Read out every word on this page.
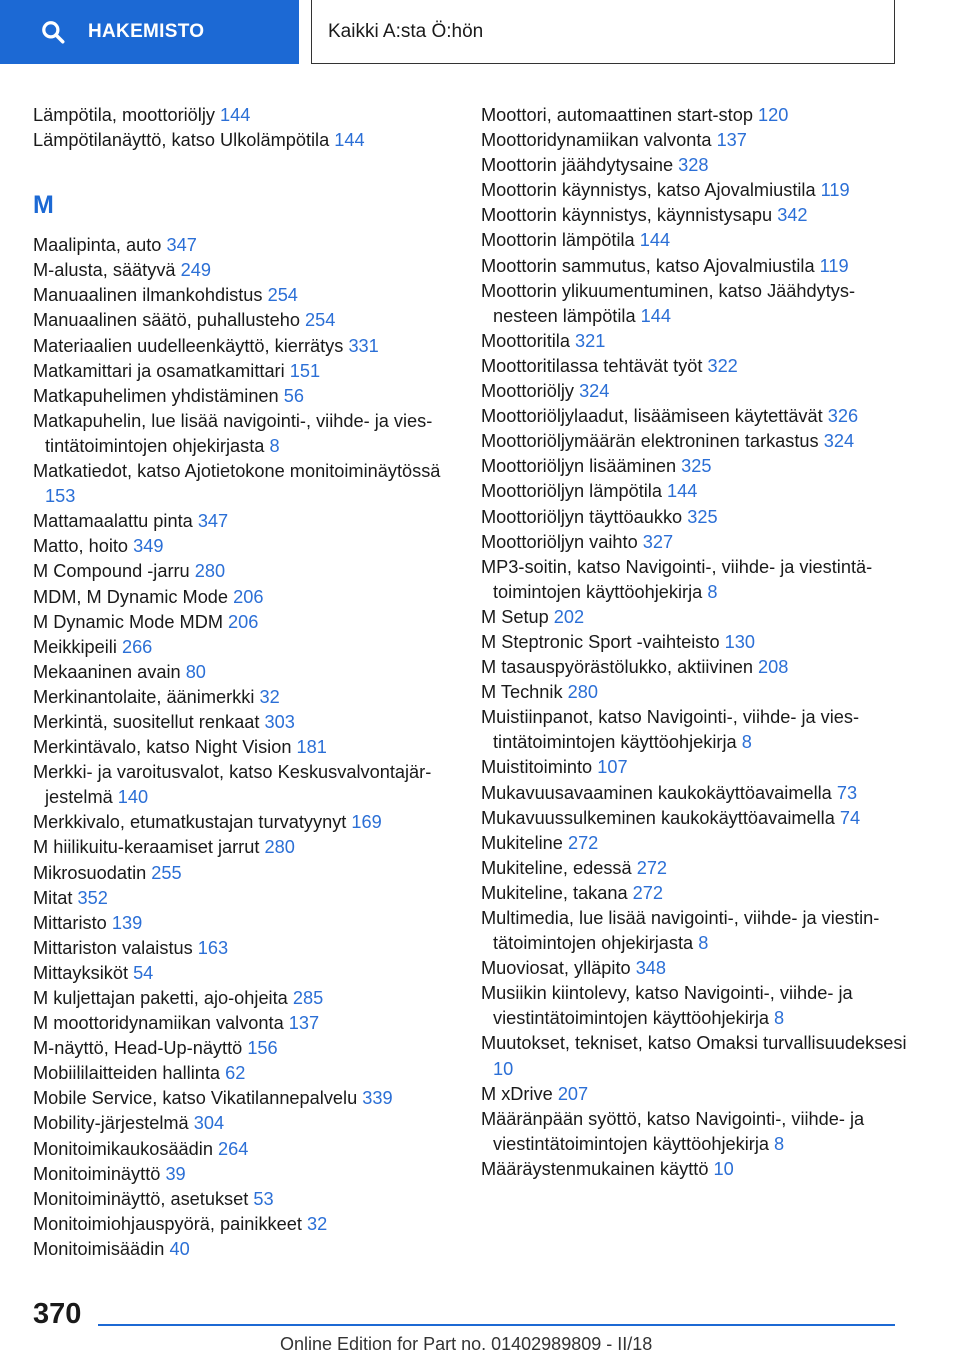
HAKEMISTO	Kaikki A:sta Ö:hön
Lämpötila, moottoriöljy 144
Lämpötilanäyttö, katso Ulkolämpötila 144
M
Maalipinta, auto 347
M-alusta, säätyvä 249
Manuaalinen ilmankohdistus 254
Manuaalinen säätö, puhallusteho 254
Materiaalien uudelleenkäyttö, kierrätys 331
Matkamittari ja osamatkamittari 151
Matkapuhelimen yhdistäminen 56
Matkapuhelin, lue lisää navigointi-, viihde- ja viestintätoimintojen ohjekirjasta 8
Matkatiedot, katso Ajotietokone monitoiminäytössä 153
Mattamaalattu pinta 347
Matto, hoito 349
M Compound -jarru 280
MDM, M Dynamic Mode 206
M Dynamic Mode MDM 206
Meikkipeili 266
Mekaaninen avain 80
Merkinantolaite, äänimerkki 32
Merkintä, suositellut renkaat 303
Merkintävalo, katso Night Vision 181
Merkki- ja varoitusvalot, katso Keskusvalvontajärjestelmä 140
Merkkivalo, etumatkustajan turvatyynyt 169
M hiilikuitu-keraamiset jarrut 280
Mikrosuodatin 255
Mitat 352
Mittaristo 139
Mittariston valaistus 163
Mittayksiköt 54
M kuljettajan paketti, ajo-ohjeita 285
M moottoridynamiikan valvonta 137
M-näyttö, Head-Up-näyttö 156
Mobiililaitteiden hallinta 62
Mobile Service, katso Vikatilannepalvelu 339
Mobility-järjestelmä 304
Monitoimikaukosäädin 264
Monitoiminäyttö 39
Monitoiminäyttö, asetukset 53
Monitoimiohjauspyörä, painikkeet 32
Monitoimisäädin 40
Moottori, automaattinen start-stop 120
Moottoridynamiikan valvonta 137
Moottorin jäähdytysaine 328
Moottorin käynnistys, katso Ajovalmiustila 119
Moottorin käynnistys, käynnistysapu 342
Moottorin lämpötila 144
Moottorin sammutus, katso Ajovalmiustila 119
Moottorin ylikuumentuminen, katso Jäähdytysnesteen lämpötila 144
Moottoritila 321
Moottoritilassa tehtävät työt 322
Moottoriöljy 324
Moottoriöljylaadut, lisäämiseen käytettävät 326
Moottoriöljymäärän elektroninen tarkastus 324
Moottoriöljyn lisääminen 325
Moottoriöljyn lämpötila 144
Moottoriöljyn täyttöaukko 325
Moottoriöljyn vaihto 327
MP3-soitin, katso Navigointi-, viihde- ja viestintätoimintojen käyttöohjekirja 8
M Setup 202
M Steptronic Sport -vaihteisto 130
M tasauspyörästölukko, aktiivinen 208
M Technik 280
Muistiinpanot, katso Navigointi-, viihde- ja viestintätoimintojen käyttöohjekirja 8
Muistitoiminto 107
Mukavuusavaaminen kaukokäyttöavaimella 73
Mukavuussulkeminen kaukokäyttöavaimella 74
Mukiteline 272
Mukiteline, edessä 272
Mukiteline, takana 272
Multimedia, lue lisää navigointi-, viihde- ja viestintätoimintojen ohjekirjasta 8
Muoviosat, ylläpito 348
Musiikin kiintolevy, katso Navigointi-, viihde- ja viestintätoimintojen käyttöohjekirja 8
Muutokset, tekniset, katso Omaksi turvallisuudeksesi 10
M xDrive 207
Määränpään syöttö, katso Navigointi-, viihde- ja viestintätoimintojen käyttöohjekirja 8
Määräystenmukainen käyttö 10
370
Online Edition for Part no. 01402989809 - II/18
